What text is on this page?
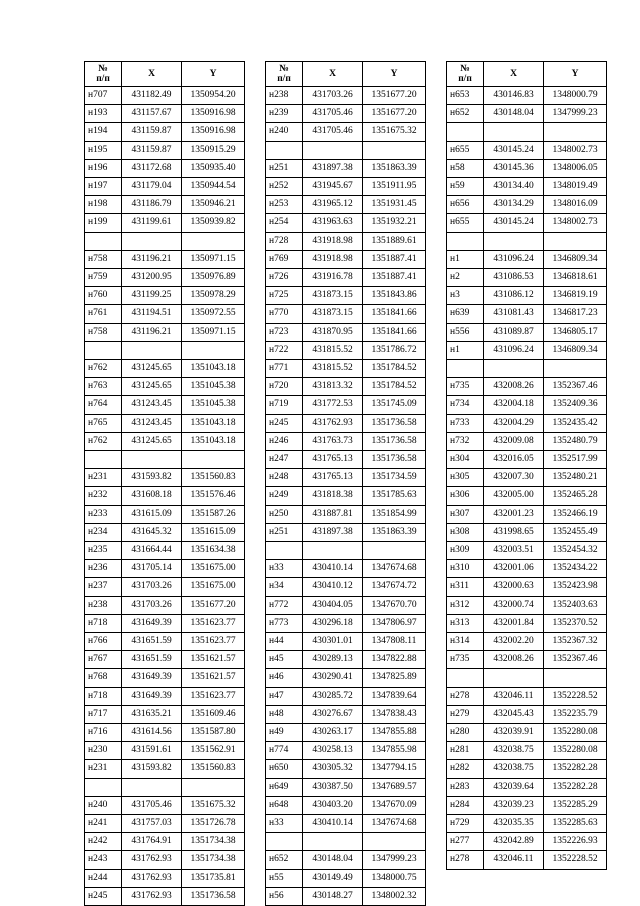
№
п/п	X	Y
н707	431182.49	1350954.20
н193	431157.67	1350916.98
н194	431159.87	1350916.98
н195	431159.87	1350915.29
н196	431172.68	1350935.40
н197	431179.04	1350944.54
н198	431186.79	1350946.21
н199	431199.61	1350939.82

н758	431196.21	1350971.15
н759	431200.95	1350976.89
н760	431199.25	1350978.29
н761	431194.51	1350972.55
н758	431196.21	1350971.15

н762	431245.65	1351043.18
н763	431245.65	1351045.38
н764	431243.45	1351045.38
н765	431243.45	1351043.18
н762	431245.65	1351043.18

н231	431593.82	1351560.83
н232	431608.18	1351576.46
н233	431615.09	1351587.26
н234	431645.32	1351615.09
н235	431664.44	1351634.38
н236	431705.14	1351675.00
н237	431703.26	1351675.00
н238	431703.26	1351677.20
н718	431649.39	1351623.77
н766	431651.59	1351623.77
н767	431651.59	1351621.57
н768	431649.39	1351621.57
н718	431649.39	1351623.77
н717	431635.21	1351609.46
н716	431614.56	1351587.80
н230	431591.61	1351562.91
н231	431593.82	1351560.83

н240	431705.46	1351675.32
н241	431757.03	1351726.78
н242	431764.91	1351734.38
н243	431762.93	1351734.38
н244	431762.93	1351735.81
н245	431762.93	1351736.58
№
п/п	X	Y
н238	431703.26	1351677.20
н239	431705.46	1351677.20
н240	431705.46	1351675.32

н251	431897.38	1351863.39
н252	431945.67	1351911.95
н253	431965.12	1351931.45
н254	431963.63	1351932.21
н728	431918.98	1351889.61
н769	431918.98	1351887.41
н726	431916.78	1351887.41
н725	431873.15	1351843.86
н770	431873.15	1351841.66
н723	431870.95	1351841.66
н722	431815.52	1351786.72
н771	431815.52	1351784.52
н720	431813.32	1351784.52
н719	431772.53	1351745.09
н245	431762.93	1351736.58
н246	431763.73	1351736.58
н247	431765.13	1351736.58
н248	431765.13	1351734.59
н249	431818.38	1351785.63
н250	431887.81	1351854.99
н251	431897.38	1351863.39

н33	430410.14	1347674.68
н34	430410.12	1347674.72
н772	430404.05	1347670.70
н773	430296.18	1347806.97
н44	430301.01	1347808.11
н45	430289.13	1347822.88
н46	430290.41	1347825.89
н47	430285.72	1347839.64
н48	430276.67	1347838.43
н49	430263.17	1347855.88
н774	430258.13	1347855.98
н650	430305.32	1347794.15
н649	430387.50	1347689.57
н648	430403.20	1347670.09
н33	430410.14	1347674.68

н652	430148.04	1347999.23
н55	430149.49	1348000.75
н56	430148.27	1348002.32
№
п/п	X	Y
н653	430146.83	1348000.79
н652	430148.04	1347999.23

н655	430145.24	1348002.73
н58	430145.36	1348006.05
н59	430134.40	1348019.49
н656	430134.29	1348016.09
н655	430145.24	1348002.73

н1	431096.24	1346809.34
н2	431086.53	1346818.61
н3	431086.12	1346819.19
н639	431081.43	1346817.23
н556	431089.87	1346805.17
н1	431096.24	1346809.34

н735	432008.26	1352367.46
н734	432004.18	1352409.36
н733	432004.29	1352435.42
н732	432009.08	1352480.79
н304	432016.05	1352517.99
н305	432007.30	1352480.21
н306	432005.00	1352465.28
н307	432001.23	1352466.19
н308	431998.65	1352455.49
н309	432003.51	1352454.32
н310	432001.06	1352434.22
н311	432000.63	1352423.98
н312	432000.74	1352403.63
н313	432001.84	1352370.52
н314	432002.20	1352367.32
н735	432008.26	1352367.46

н278	432046.11	1352228.52
н279	432045.43	1352235.79
н280	432039.91	1352280.08
н281	432038.75	1352280.08
н282	432038.75	1352282.28
н283	432039.64	1352282.28
н284	432039.23	1352285.29
н729	432035.35	1352285.63
н277	432042.89	1352226.93
н278	432046.11	1352228.52
